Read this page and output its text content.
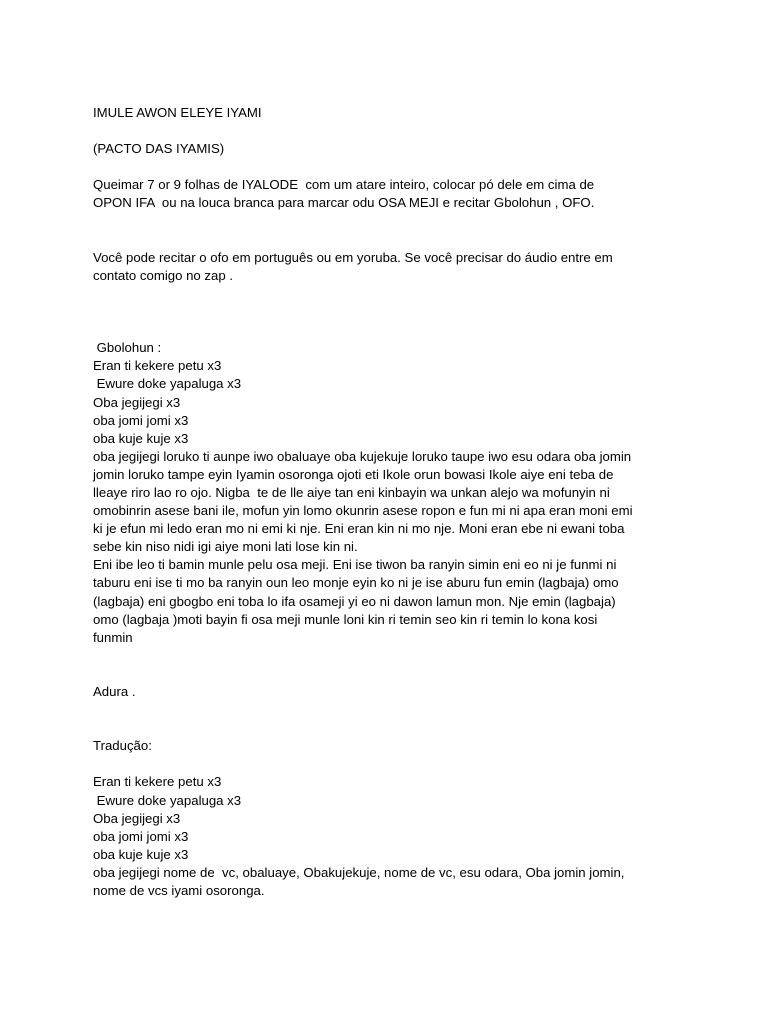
IMULE AWON ELEYE IYAMI
(PACTO DAS IYAMIS)
Queimar 7 or 9 folhas de IYALODE  com um atare inteiro, colocar pó dele em cima de
OPON IFA  ou na louca branca para marcar odu OSA MEJI e recitar Gbolohun , OFO.
Você pode recitar o ofo em português ou em yoruba. Se você precisar do áudio entre em
contato comigo no zap .
Gbolohun :
Eran ti kekere petu x3
Ewure doke yapaluga x3
Oba jegijegi x3
oba jomi jomi x3
oba kuje kuje x3
oba jegijegi loruko ti aunpe iwo obaluaye oba kujekuje loruko taupe iwo esu odara oba jomin
jomin loruko tampe eyin Iyamin osoronga ojoti eti Ikole orun bowasi Ikole aiye eni teba de
lleaye riro lao ro ojo. Nigba  te de lle aiye tan eni kinbayin wa unkan alejo wa mofunyin ni
omobinrin asese bani ile, mofun yin lomo okunrin asese ropon e fun mi ni apa eran moni emi
ki je efun mi ledo eran mo ni emi ki nje. Eni eran kin ni mo nje. Moni eran ebe ni ewani toba
sebe kin niso nidi igi aiye moni lati lose kin ni.
Eni ibe leo ti bamin munle pelu osa meji. Eni ise tiwon ba ranyin simin eni eo ni je funmi ni
taburu eni ise ti mo ba ranyin oun leo monje eyin ko ni je ise aburu fun emin (lagbaja) omo
(lagbaja) eni gbogbo eni toba lo ifa osameji yi eo ni dawon lamun mon. Nje emin (lagbaja)
omo (lagbaja )moti bayin fi osa meji munle loni kin ri temin seo kin ri temin lo kona kosi
funmin
Adura .
Tradução:
Eran ti kekere petu x3
Ewure doke yapaluga x3
Oba jegijegi x3
oba jomi jomi x3
oba kuje kuje x3
oba jegijegi nome de  vc, obaluaye, Obakujekuje, nome de vc, esu odara, Oba jomin jomin,
nome de vcs iyami osoronga.
